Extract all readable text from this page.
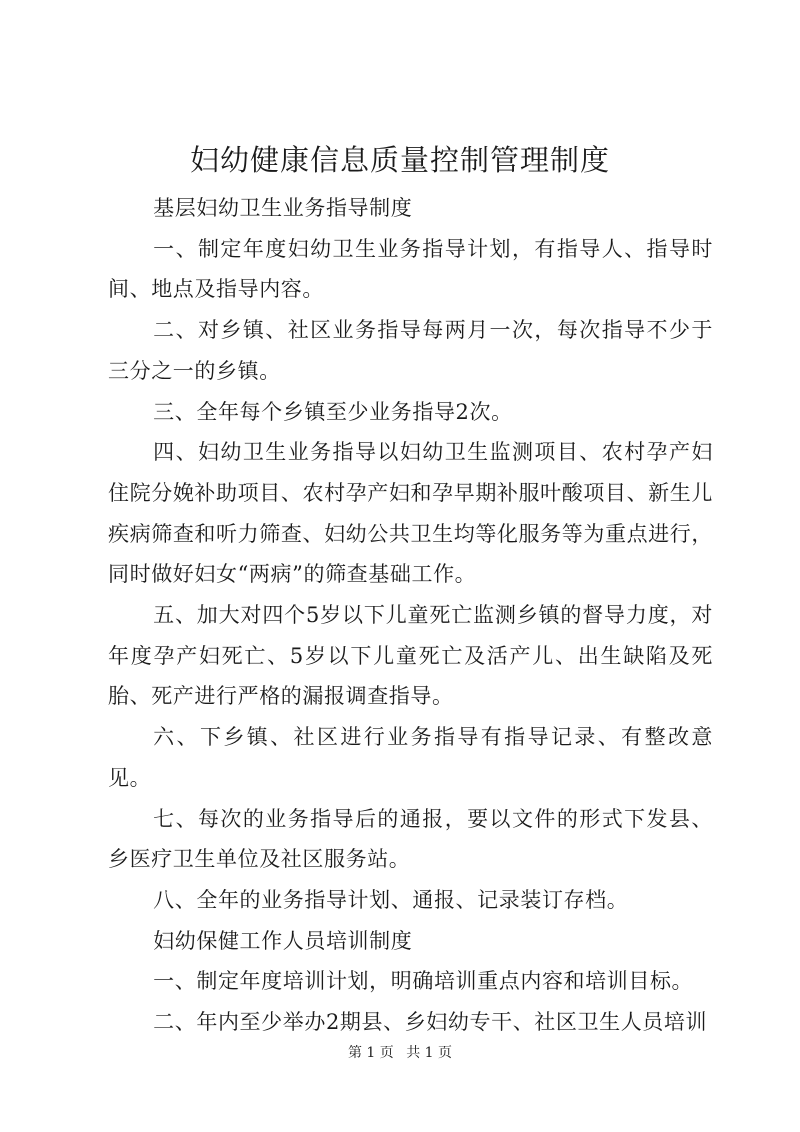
妇幼健康信息质量控制管理制度

基层妇幼卫生业务指导制度

一、制定年度妇幼卫生业务指导计划，有指导人、指导时间、地点及指导内容。

二、对乡镇、社区业务指导每两月一次，每次指导不少于三分之一的乡镇。

三、全年每个乡镇至少业务指导2次。

四、妇幼卫生业务指导以妇幼卫生监测项目、农村孕产妇住院分娩补助项目、农村孕产妇和孕早期补服叶酸项目、新生儿疾病筛查和听力筛查、妇幼公共卫生均等化服务等为重点进行，同时做好妇女“两病”的筛查基础工作。

五、加大对四个5岁以下儿童死亡监测乡镇的督导力度，对年度孕产妇死亡、5岁以下儿童死亡及活产儿、出生缺陷及死胎、死产进行严格的漏报调查指导。

六、下乡镇、社区进行业务指导有指导记录、有整改意见。

七、每次的业务指导后的通报，要以文件的形式下发县、乡医疗卫生单位及社区服务站。

八、全年的业务指导计划、通报、记录装订存档。

妇幼保健工作人员培训制度

一、制定年度培训计划，明确培训重点内容和培训目标。

二、年内至少举办2期县、乡妇幼专干、社区卫生人员培训

第 1 页 共 1 页
